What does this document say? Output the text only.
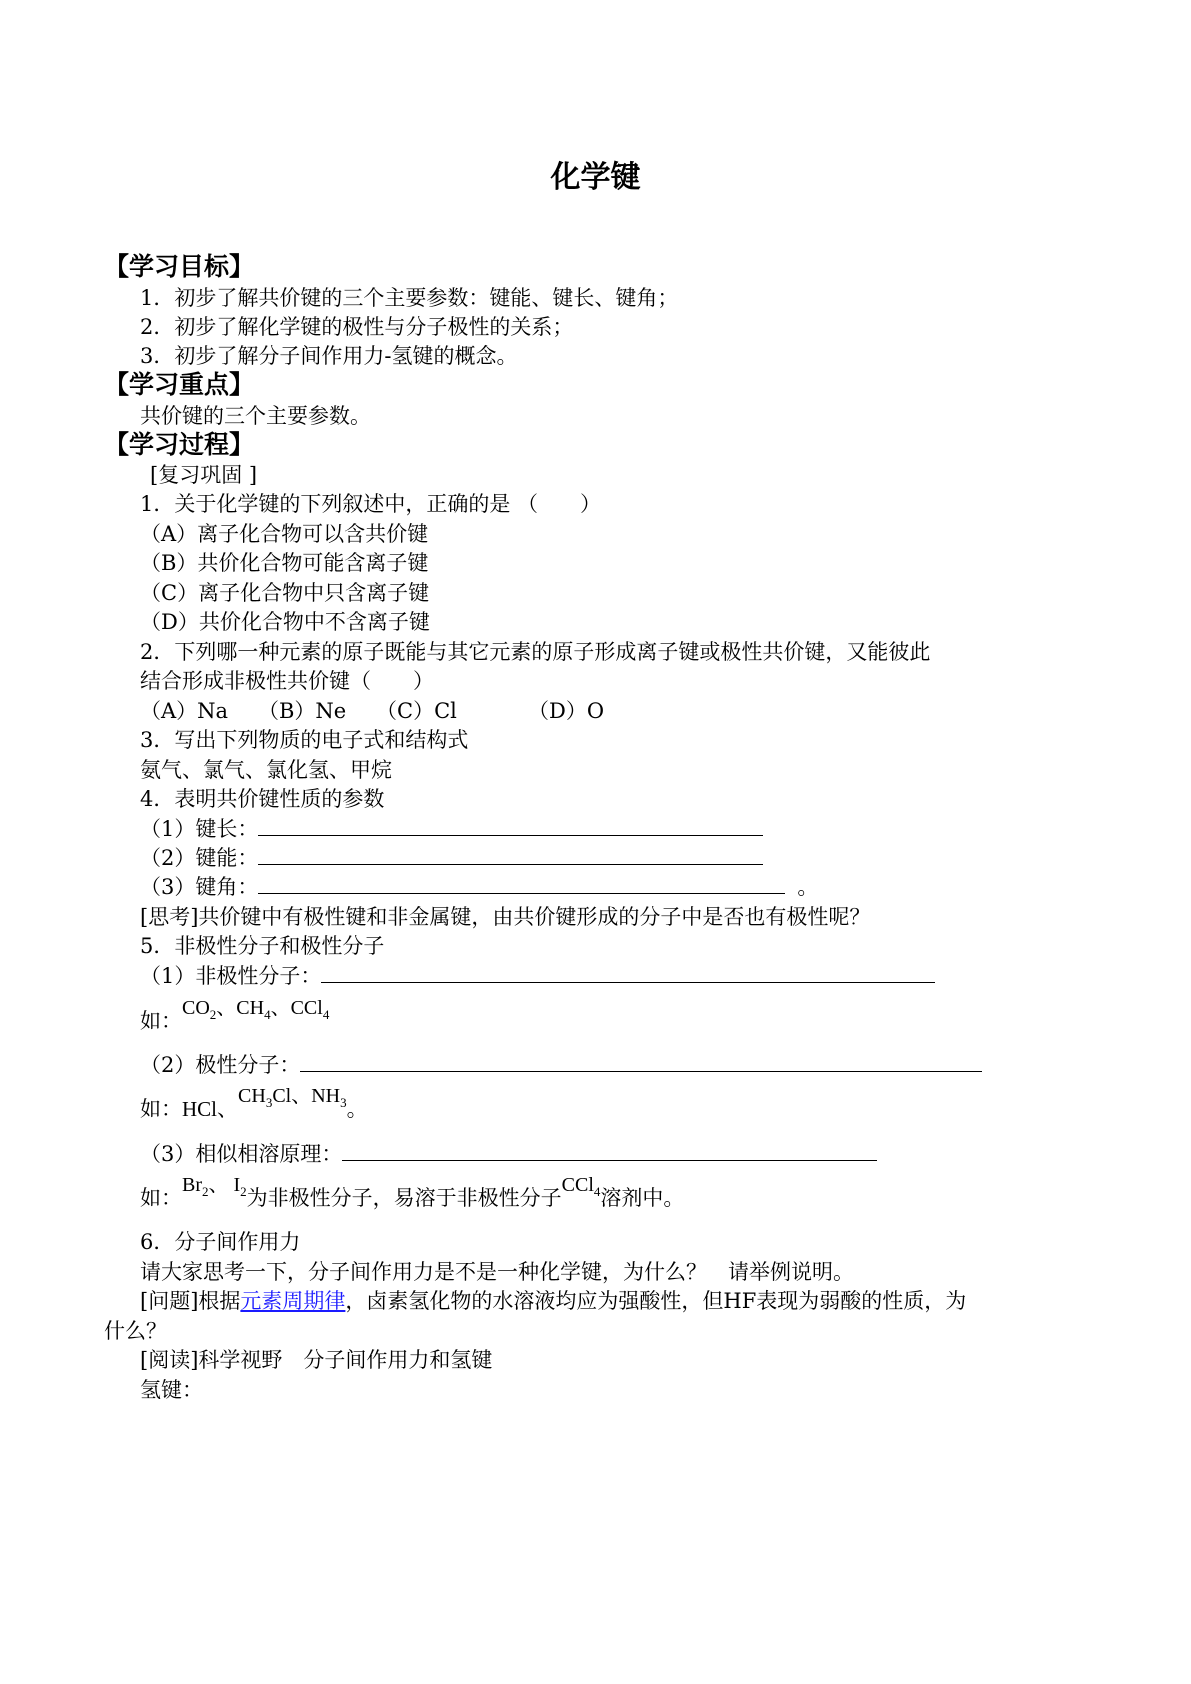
化学键
【学习目标】
1．初步了解共价键的三个主要参数：键能、键长、键角；
2．初步了解化学键的极性与分子极性的关系；
3．初步了解分子间作用力-氢键的概念。
【学习重点】
共价键的三个主要参数。
【学习过程】
[复习巩固 ]
1．关于化学键的下列叙述中，正确的是 （　　）
（A）离子化合物可以含共价键
（B）共价化合物可能含离子键
（C）离子化合物中只含离子键
（D）共价化合物中不含离子键
2．下列哪一种元素的原子既能与其它元素的原子形成离子键或极性共价键，又能彼此
结合形成非极性共价键（　　）
（A）Na （B）Ne （C）Cl	（D）O
3．写出下列物质的电子式和结构式
氨气、氯气、氯化氢、甲烷
4．表明共价键性质的参数
（1）键长：
（2）键能：
（3）键角：	。
[思考]共价键中有极性键和非金属键，由共价键形成的分子中是否也有极性呢？
5．非极性分子和极性分子
（1）非极性分子：
如：$CO_2$、$CH_4$、CCl$_4$
（2）极性分子：
如：HCl、$CH_3Cl$、$NH_3$。
（3）相似相溶原理：
如：$Br_2$、 $I_2$为非极性分子，易溶于非极性分子CCl$_4$溶剂中。
6．分子间作用力
请大家思考一下，分子间作用力是不是一种化学键，为什么？　请举例说明。
[问题]根据元素周期律，卤素氢化物的水溶液均应为强酸性，但HF表现为弱酸的性质，为
什么？
[阅读]科学视野　分子间作用力和氢键
氢键：
